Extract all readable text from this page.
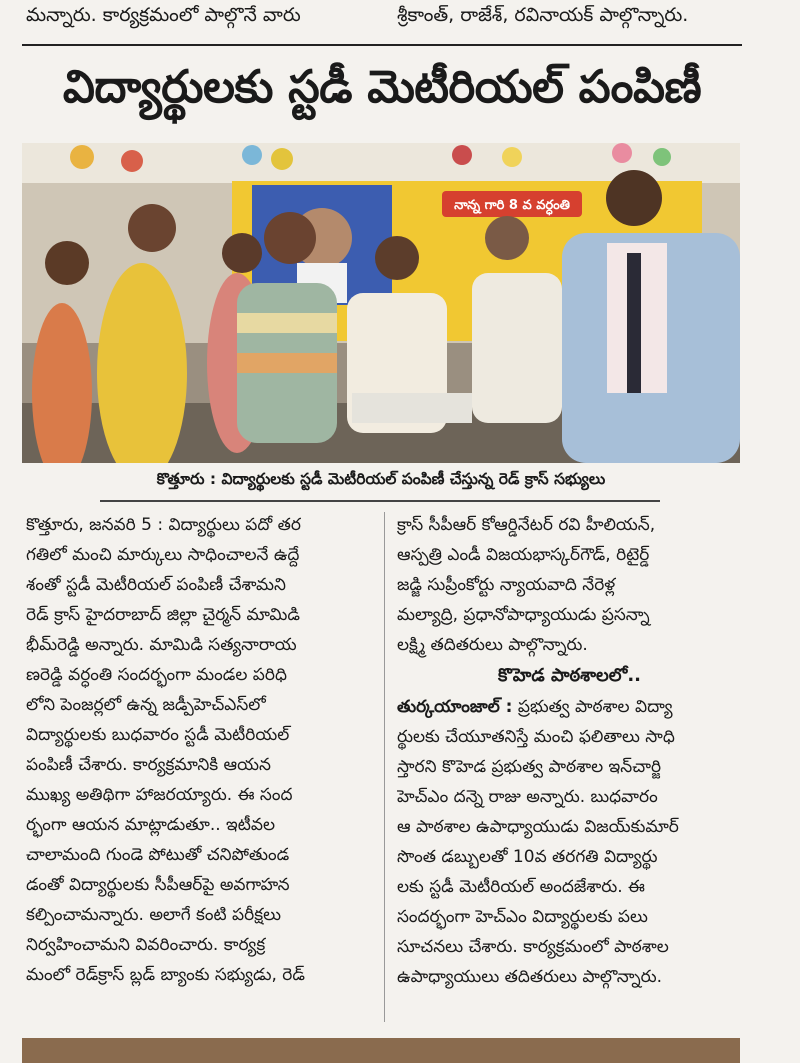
మన్నారు. కార్యక్రమంలో పాల్గొనే వారు	శ్రీకాంత్, రాజేశ్, రవినాయక్ పాల్గొన్నారు.
విద్యార్థులకు స్టడీ మెటీరియల్ పంపిణీ
నాన్న గారి 8 వ వర్ధంతి
కొత్తూరు : విద్యార్థులకు స్టడీ మెటీరియల్ పంపిణీ చేస్తున్న రెడ్ క్రాస్ సభ్యులు

కొత్తూరు, జనవరి 5 : విద్యార్థులు పదో తర

గతిలో మంచి మార్కులు సాధించాలనే ఉద్దే

శంతో స్టడీ మెటీరియల్ పంపిణీ చేశామని

రెడ్ క్రాస్ హైదరాబాద్ జిల్లా చైర్మన్ మామిడి

భీమ్‌రెడ్డి అన్నారు. మామిడి సత్యనారాయ

ణరెడ్డి వర్ధంతి సందర్భంగా మండల పరిధి

లోని పెంజర్లలో ఉన్న జడ్పీహెచ్ఎస్‌లో

విద్యార్థులకు బుధవారం స్టడీ మెటీరియల్

పంపిణీ చేశారు. కార్యక్రమానికి ఆయన

ముఖ్య అతిథిగా హాజరయ్యారు. ఈ సంద

ర్భంగా ఆయన మాట్లాడుతూ.. ఇటీవల

చాలామంది గుండె పోటుతో చనిపోతుండ

డంతో విద్యార్థులకు సీపీఆర్‌పై అవగాహన

కల్పించామన్నారు. అలాగే కంటి పరీక్షలు

నిర్వహించామని వివరించారు. కార్యక్ర

మంలో రెడ్‌క్రాస్ బ్లడ్ బ్యాంకు సభ్యుడు, రెడ్

క్రాస్ సీపీఆర్ కోఆర్డినేటర్ రవి హీలియన్,

ఆస్పత్రి ఎండీ విజయభాస్కర్‌గౌడ్, రిటైర్డ్

జడ్జి సుప్రీంకోర్టు న్యాయవాది నేరెళ్ల

మల్యాద్రి, ప్రధానోపాధ్యాయుడు ప్రసన్నా

లక్ష్మి తదితరులు పాల్గొన్నారు.

కొహెడ పాఠశాలలో..

తుర్కయాంజాల్ : ప్రభుత్వ పాఠశాల విద్యా

ర్థులకు చేయూతనిస్తే మంచి ఫలితాలు సాధి

స్తారని కొహెడ ప్రభుత్వ పాఠశాల ఇన్‌చార్జి

హెచ్ఎం దన్నె రాజు అన్నారు. బుధవారం

ఆ పాఠశాల ఉపాధ్యాయుడు విజయ్‌కుమార్

సొంత డబ్బులతో 10వ తరగతి విద్యార్థు

లకు స్టడీ మెటీరియల్ అందజేశారు. ఈ

సందర్భంగా హెచ్ఎం విద్యార్థులకు పలు

సూచనలు చేశారు. కార్యక్రమంలో పాఠశాల

ఉపాధ్యాయులు తదితరులు పాల్గొన్నారు.
